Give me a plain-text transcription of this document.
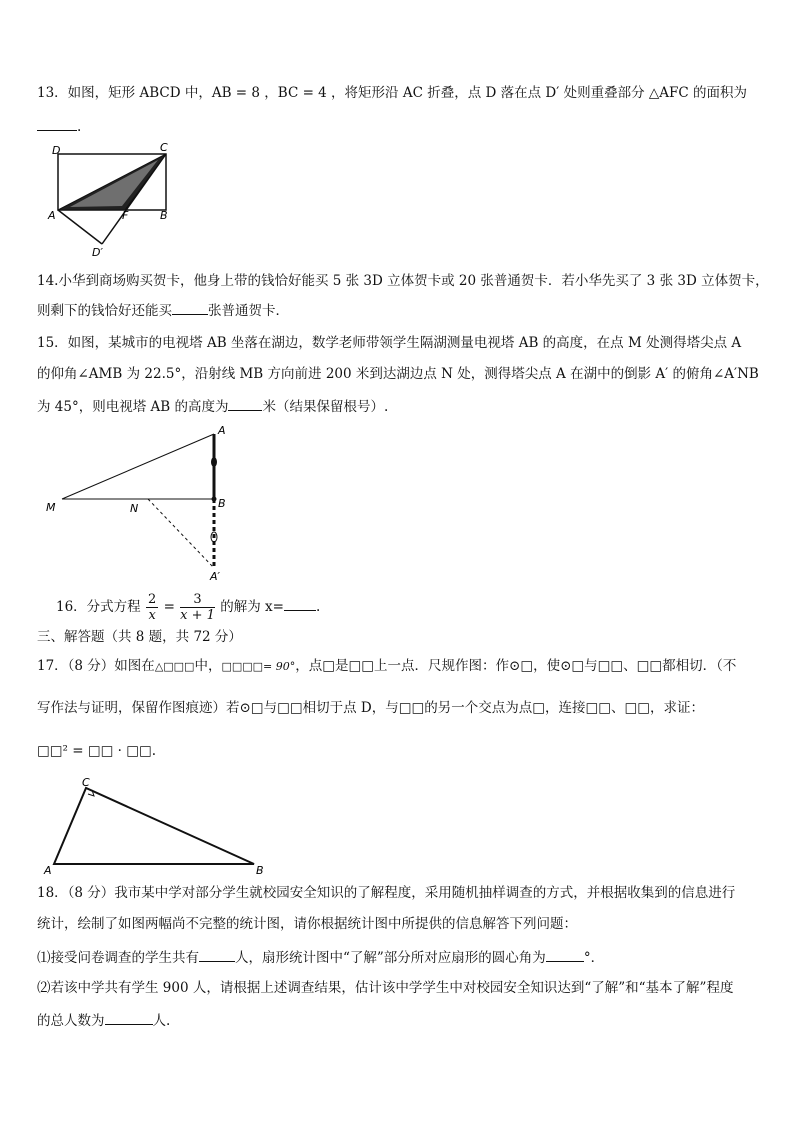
13．如图，矩形 ABCD 中，AB = 8 ，BC = 4 ，将矩形沿 AC 折叠，点 D 落在点 D′ 处则重叠部分 △AFC 的面积为
.
D	C
A	F	B
D′
14.小华到商场购买贺卡，他身上带的钱恰好能买 5 张 3D 立体贺卡或 20 张普通贺卡．若小华先买了 3 张 3D 立体贺卡，
则剩下的钱恰好还能买	张普通贺卡．
15．如图，某城市的电视塔 AB 坐落在湖边，数学老师带领学生隔湖测量电视塔 AB 的高度，在点 M 处测得塔尖点 A
的仰角∠AMB 为 22.5°，沿射线 MB 方向前进 200 米到达湖边点 N 处，测得塔尖点 A 在湖中的倒影 A′ 的俯角∠A′NB
为 45°，则电视塔 AB 的高度为	米（结果保留根号）.
A
M	N	B
A′
16．分式方程 $\frac{2}{x} = \frac{3}{x + 1}$ 的解为 x= .
三、解答题（共 8 题，共 72 分）
17．（8 分）如图在△□□□中，□□□□= 90°，点□是□□上一点．尺规作图：作⊙□，使⊙□与□□、□□都相切．（不
写作法与证明，保留作图痕迹）若⊙□与□□相切于点 D，与□□的另一个交点为点□，连接□□、□□，求证：
□□² = □□ · □□.
C
A	B
18．（8 分）我市某中学对部分学生就校园安全知识的了解程度，采用随机抽样调查的方式，并根据收集到的信息进行
统计，绘制了如图两幅尚不完整的统计图，请你根据统计图中所提供的信息解答下列问题：
⑴接受问卷调查的学生共有	人，扇形统计图中“了解”部分所对应扇形的圆心角为	°．
⑵若该中学共有学生 900 人，请根据上述调查结果，估计该中学学生中对校园安全知识达到“了解”和“基本了解”程度
的总人数为	人.
